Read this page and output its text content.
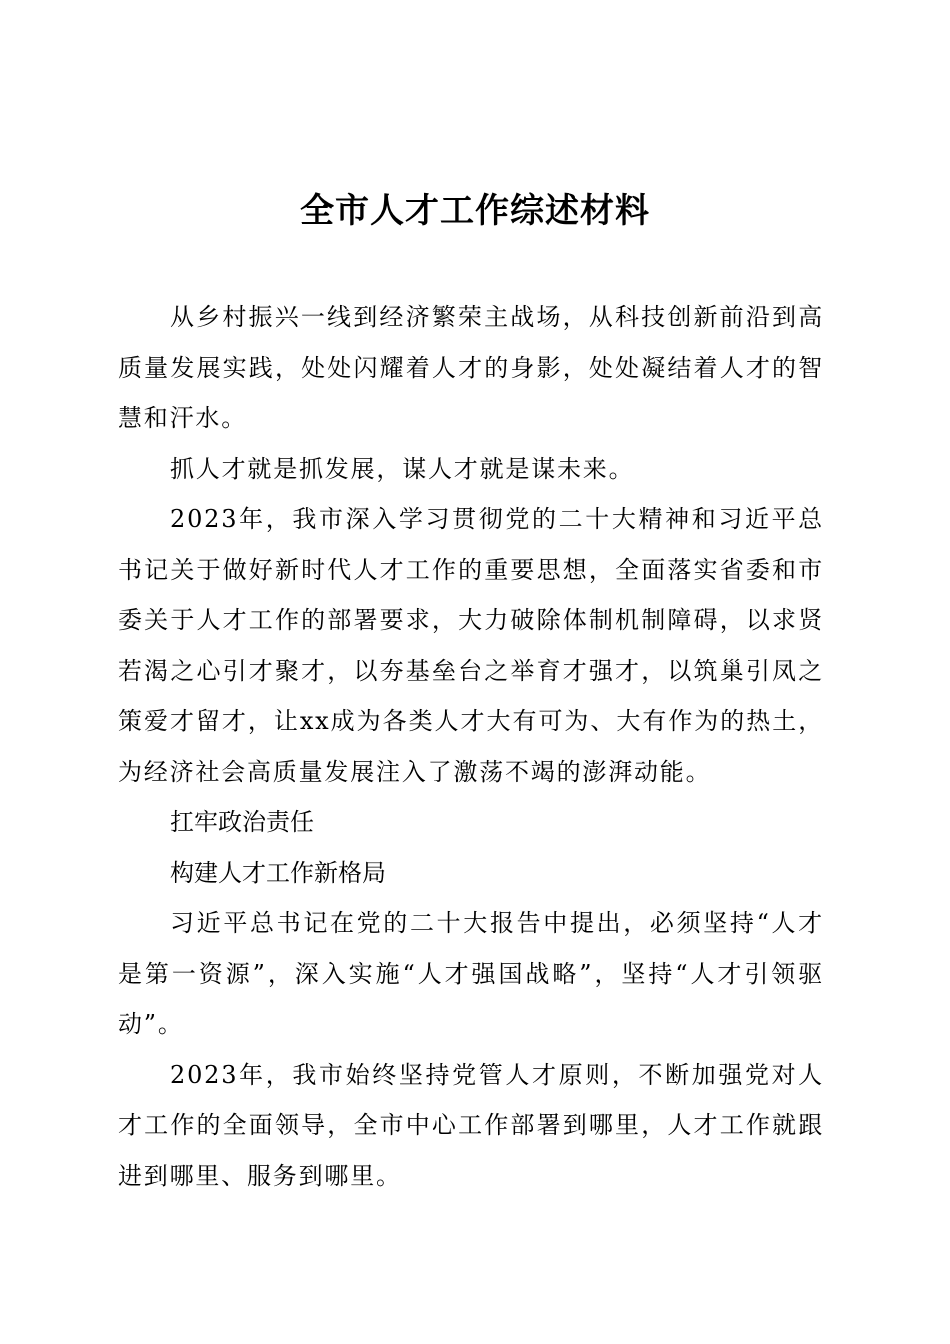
全市人才工作综述材料

从乡村振兴一线到经济繁荣主战场，从科技创新前沿到高质量发展实践，处处闪耀着人才的身影，处处凝结着人才的智慧和汗水。

抓人才就是抓发展，谋人才就是谋未来。

2023年，我市深入学习贯彻党的二十大精神和习近平总书记关于做好新时代人才工作的重要思想，全面落实省委和市委关于人才工作的部署要求，大力破除体制机制障碍，以求贤若渴之心引才聚才，以夯基垒台之举育才强才，以筑巢引凤之策爱才留才，让xx成为各类人才大有可为、大有作为的热土，为经济社会高质量发展注入了激荡不竭的澎湃动能。

扛牢政治责任

构建人才工作新格局

习近平总书记在党的二十大报告中提出，必须坚持“人才是第一资源”，深入实施“人才强国战略”，坚持“人才引领驱动”。

2023年，我市始终坚持党管人才原则，不断加强党对人才工作的全面领导，全市中心工作部署到哪里，人才工作就跟进到哪里、服务到哪里。
